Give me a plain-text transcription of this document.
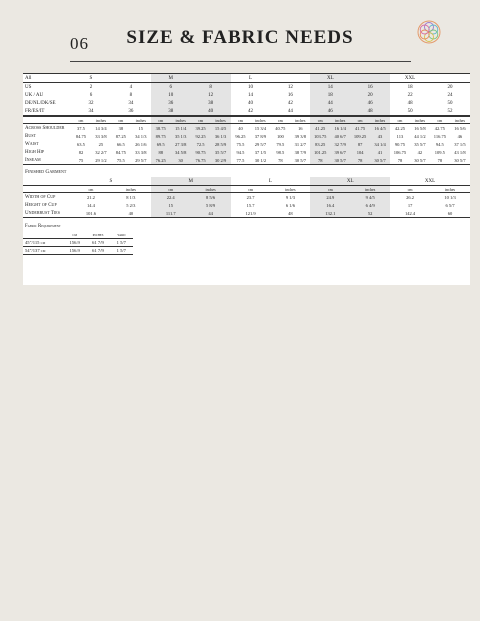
06	SIZE & FABRIC NEEDS
All	S		M		L		XL		XXL	
US	2	4	6	8	10	12	14	16	18	20
UK / AU	6	8	10	12	14	16	18	20	22	24
DE/NL/DK/SE	32	34	36	38	40	42	44	46	48	50
FR/ES/IT	34	36	38	40	42	44	46	48	50	52
	cm	inches	cm	inches	cm	inches	cm	inches	cm	inches	cm	inches	cm	inches	cm	inches	cm	inches	cm	inches
Across Shoulder	37.5	14 3/4	38	15	38.75	15 1/4	39.25	15 4/5	40	15 3/4	40.75	16	41.25	16 1/4	41.75	16 4/5	42.25	16 5/8	42.75	16 5/6
Bust	84.75	33 3/8	87.25	34 1/3	89.75	35 1/3	92.25	36 1/3	96.25	37 8/9	100	39 3/8	103.75	40 6/7	109.25	43	113	44 1/2	116.75	46
Waist	63.5	25	66.5	26 1/6	69.5	27 3/8	72.5	28 5/9	75.5	29 5/7	79.5	31 2/7	83.25	32 7/9	87	34 1/4	90.75	35 5/7	94.5	37 1/5
High Hip	82	32 2/7	84.75	33 3/8	88	34 5/8	90.75	35 5/7	94.5	37 1/5	98.5	38 7/9	101.25	39 6/7	104	41	106.75	42	109.5	43 1/8
Inseam	75	29 1/2	75.5	29 5/7	76.25	30	76.75	30 2/9	77.5	30 1/2	78	30 5/7	78	30 5/7	78	30 5/7	78	30 5/7	78	30 5/7
Finished Garment
	S		M		L		XL		XXL	
	cm	inches	cm	inches	cm	inches	cm	inches	cm	inches
Width of Cup	21.2	8 1/3	22.4	8 5/6	23.7	9 1/3	24.9	9 4/5	26.2	10 1/3
Height of Cup	14.4	5 2/3	15	5 8/9	15.7	6 1/6	16.4	6 4/9	17	6 5/7
Underbust Ties	101.6	40	111.7	44	121.9	48	132.1	52	142.4	60
Fabric Requirement
	cm	inches	yard
45"/115 cm	156.9	61 7/9	1 5/7
54"/137 cm	156.9	61 7/9	1 5/7
